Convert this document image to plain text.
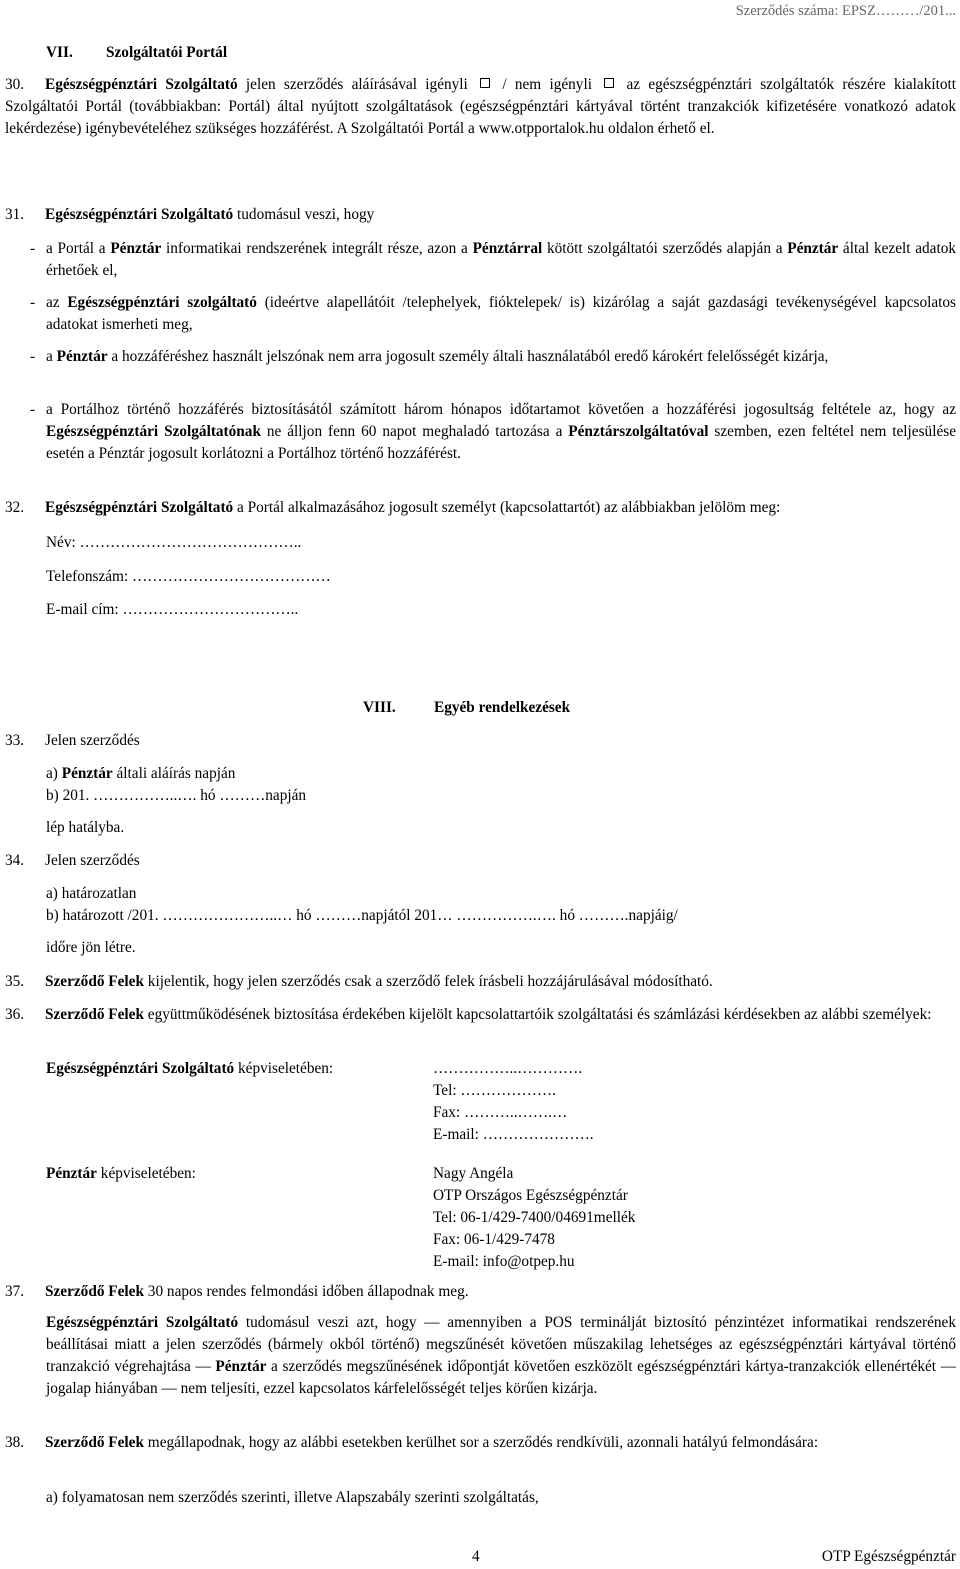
Szerződés száma: EPSZ………/201...
VII. Szolgáltatói Portál
30. Egészségpénztári Szolgáltató jelen szerződés aláírásával igényli  / nem igényli  az egészségpénztári szolgáltatók részére kialakított Szolgáltatói Portál (továbbiakban: Portál) által nyújtott szolgáltatások (egészségpénztári kártyával történt tranzakciók kifizetésére vonatkozó adatok lekérdezése) igénybevételéhez szükséges hozzáférést. A Szolgáltatói Portál a www.otpportalok.hu oldalon érhető el.
31. Egészségpénztári Szolgáltató tudomásul veszi, hogy
- a Portál a Pénztár informatikai rendszerének integrált része, azon a Pénztárral kötött szolgáltatói szerződés alapján a Pénztár által kezelt adatok érhetőek el,
- az Egészségpénztári szolgáltató (ideértve alapellátóit /telephelyek, fióktelepek/ is) kizárólag a saját gazdasági tevékenységével kapcsolatos adatokat ismerheti meg,
- a Pénztár a hozzáféréshez használt jelszónak nem arra jogosult személy általi használatából eredő károkért felelősségét kizárja,
- a Portálhoz történő hozzáférés biztosításától számított három hónapos időtartamot követően a hozzáférési jogosultság feltétele az, hogy az Egészségpénztári Szolgáltatónak ne álljon fenn 60 napot meghaladó tartozása a Pénztárszolgáltatóval szemben, ezen feltétel nem teljesülése esetén a Pénztár jogosult korlátozni a Portálhoz történő hozzáférést.
32. Egészségpénztári Szolgáltató a Portál alkalmazásához jogosult személyt (kapcsolattartót) az alábbiakban jelölöm meg:
Név: ……………………………………..
Telefonszám: …………………………………
E-mail cím: ……………………………..
VIII.	Egyéb rendelkezések
33. Jelen szerződés
a) Pénztár általi aláírás napján
b) 201. ……………..…. hó ………napján
lép hatályba.
34. Jelen szerződés
a) határozatlan
b) határozott /201. …………………..… hó ………napjától 201… …………….…. hó ……….napjáig/
időre jön létre.
35. Szerződő Felek kijelentik, hogy jelen szerződés csak a szerződő felek írásbeli hozzájárulásával módosítható.
36. Szerződő Felek együttműködésének biztosítása érdekében kijelölt kapcsolattartóik szolgáltatási és számlázási kérdésekben az alábbi személyek:
Egészségpénztári Szolgáltató képviseletében:	……………..………….
Tel: ……………….
Fax: ………..…….…
E-mail: ………………….
Pénztár képviseletében:	Nagy Angéla
OTP Országos Egészségpénztár
Tel: 06-1/429-7400/04691mellék
Fax: 06-1/429-7478
E-mail: info@otpep.hu
37. Szerződő Felek 30 napos rendes felmondási időben állapodnak meg.
Egészségpénztári Szolgáltató tudomásul veszi azt, hogy ― amennyiben a POS terminálját biztosító pénzintézet informatikai rendszerének beállításai miatt a jelen szerződés (bármely okból történő) megszűnését követően műszakilag lehetséges az egészségpénztári kártyával történő tranzakció végrehajtása ― Pénztár a szerződés megszűnésének időpontját követően eszközölt egészségpénztári kártya-tranzakciók ellenértékét ― jogalap hiányában ― nem teljesíti, ezzel kapcsolatos kárfelelősségét teljes körűen kizárja.
38.	Szerződő Felek megállapodnak, hogy az alábbi esetekben kerülhet sor a szerződés rendkívüli, azonnali hatályú felmondására:
a) folyamatosan nem szerződés szerinti, illetve Alapszabály szerinti szolgáltatás,
4	OTP Egészségpénztár
